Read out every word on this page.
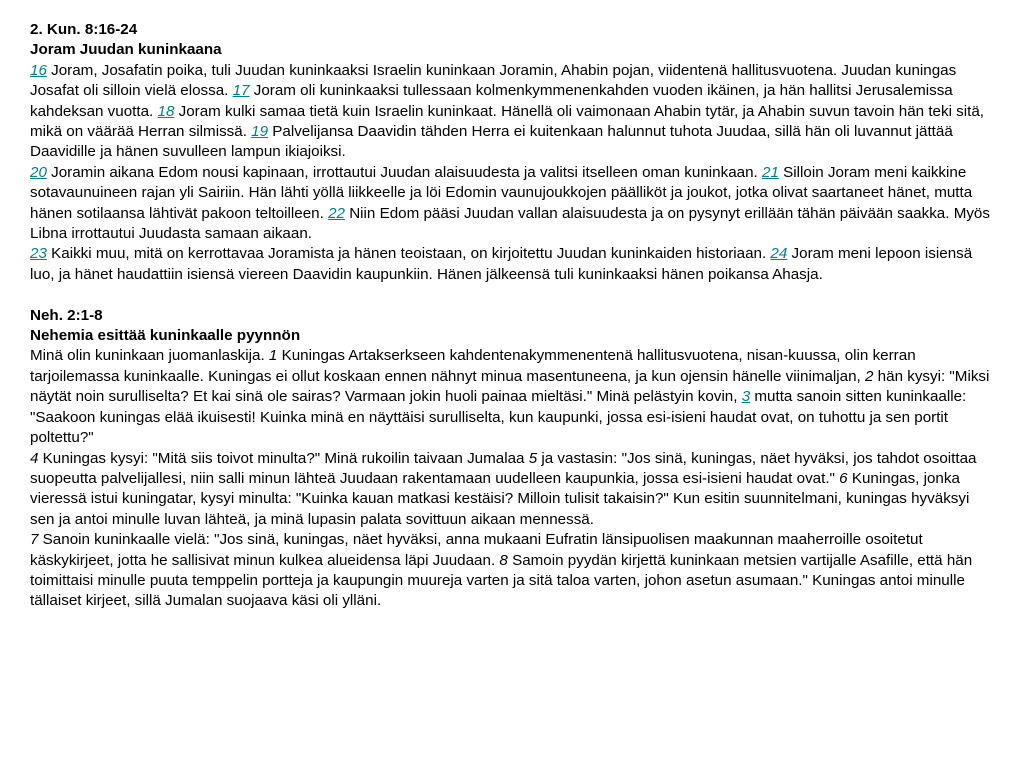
2. Kun. 8:16-24
Joram Juudan kuninkaana
16 Joram, Josafatin poika, tuli Juudan kuninkaaksi Israelin kuninkaan Joramin, Ahabin pojan, viidentenä hallitusvuotena. Juudan kuningas Josafat oli silloin vielä elossa. 17 Joram oli kuninkaaksi tullessaan kolmenkymmenenkahden vuoden ikäinen, ja hän hallitsi Jerusalemissa kahdeksan vuotta. 18 Joram kulki samaa tietä kuin Israelin kuninkaat. Hänellä oli vaimonaan Ahabin tytär, ja Ahabin suvun tavoin hän teki sitä, mikä on väärää Herran silmissä. 19 Palvelijansa Daavidin tähden Herra ei kuitenkaan halunnut tuhota Juudaa, sillä hän oli luvannut jättää Daavidille ja hänen suvulleen lampun ikiajoiksi.
20 Joramin aikana Edom nousi kapinaan, irrottautui Juudan alaisuudesta ja valitsi itselleen oman kuninkaan. 21 Silloin Joram meni kaikkine sotavaunuineen rajan yli Sairiin. Hän lähti yöllä liikkeelle ja löi Edomin vaunujoukkojen päälliköt ja joukot, jotka olivat saartaneet hänet, mutta hänen sotilaansa lähtivät pakoon teltoilleen. 22 Niin Edom pääsi Juudan vallan alaisuudesta ja on pysynyt erillään tähän päivään saakka. Myös Libna irrottautui Juudasta samaan aikaan.
23 Kaikki muu, mitä on kerrottavaa Joramista ja hänen teoistaan, on kirjoitettu Juudan kuninkaiden historiaan. 24 Joram meni lepoon isiensä luo, ja hänet haudattiin isiensä viereen Daavidin kaupunkiin. Hänen jälkeensä tuli kuninkaaksi hänen poikansa Ahasja.
Neh. 2:1-8
Nehemia esittää kuninkaalle pyynnön
Minä olin kuninkaan juomanlaskija. 1 Kuningas Artakserkseen kahdentenakymmenentenä hallitusvuotena, nisan-kuussa, olin kerran tarjoilemassa kuninkaalle. Kuningas ei ollut koskaan ennen nähnyt minua masentuneena, ja kun ojensin hänelle viinimaljan, 2 hän kysyi: "Miksi näytät noin surulliselta? Et kai sinä ole sairas? Varmaan jokin huoli painaa mieltäsi." Minä pelästyin kovin, 3 mutta sanoin sitten kuninkaalle: "Saakoon kuningas elää ikuisesti! Kuinka minä en näyttäisi surulliselta, kun kaupunki, jossa esi-isieni haudat ovat, on tuhottu ja sen portit poltettu?"
4 Kuningas kysyi: "Mitä siis toivot minulta?" Minä rukoilin taivaan Jumalaa 5 ja vastasin: "Jos sinä, kuningas, näet hyväksi, jos tahdot osoittaa suopeutta palvelijallesi, niin salli minun lähteä Juudaan rakentamaan uudelleen kaupunkia, jossa esi-isieni haudat ovat." 6 Kuningas, jonka vieressä istui kuningatar, kysyi minulta: "Kuinka kauan matkasi kestäisi? Milloin tulisit takaisin?" Kun esitin suunnitelmani, kuningas hyväksyi sen ja antoi minulle luvan lähteä, ja minä lupasin palata sovittuun aikaan mennessä.
7 Sanoin kuninkaalle vielä: "Jos sinä, kuningas, näet hyväksi, anna mukaani Eufratin länsipuolisen maakunnan maaherroille osoitetut käskykirjeet, jotta he sallisivat minun kulkea alueidensa läpi Juudaan. 8 Samoin pyydän kirjettä kuninkaan metsien vartijalle Asafille, että hän toimittaisi minulle puuta temppelin portteja ja kaupungin muureja varten ja sitä taloa varten, johon asetun asumaan." Kuningas antoi minulle tällaiset kirjeet, sillä Jumalan suojaava käsi oli ylläni.
